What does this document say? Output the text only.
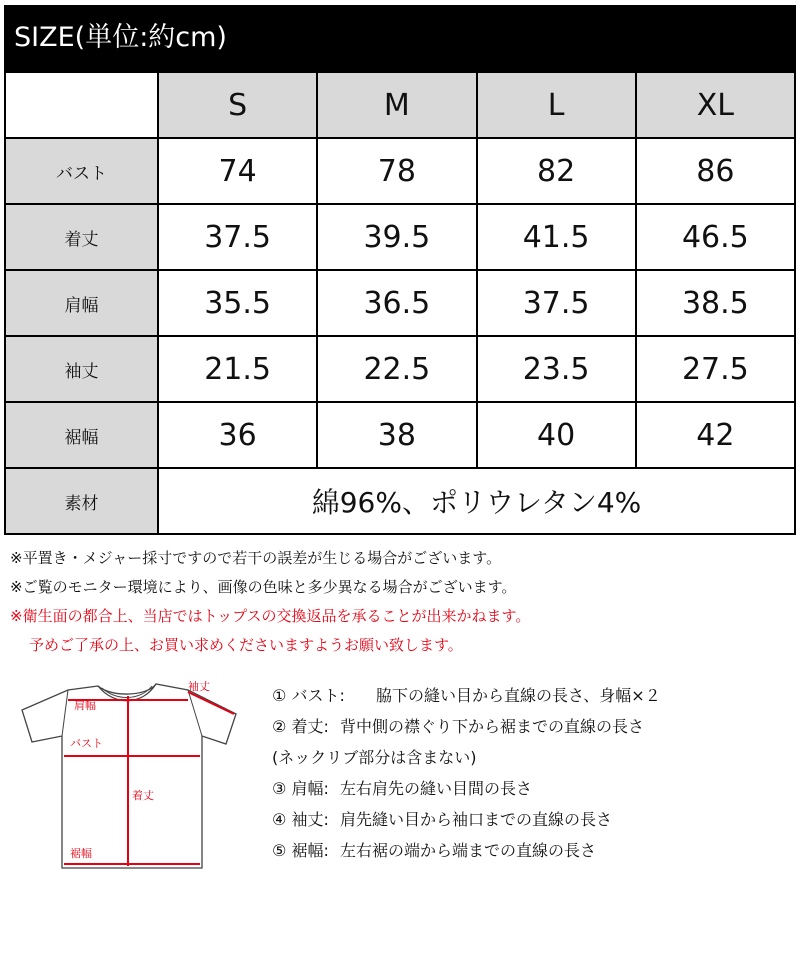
SIZE(単位:約cm)
	S	M	L	XL
バスト	74	78	82	86
着丈	37.5	39.5	41.5	46.5
肩幅	35.5	36.5	37.5	38.5
袖丈	21.5	22.5	23.5	27.5
裾幅	36	38	40	42
素材	綿96%、ポリウレタン4%			
※平置き・メジャー採寸ですので若干の誤差が生じる場合がございます。
※ご覧のモニター環境により、画像の色味と多少異なる場合がございます。
※衛生面の都合上、当店ではトップスの交換返品を承ることが出来かねます。
予めご了承の上、お買い求めくださいますようお願い致します。
袖丈
肩幅
バスト
着丈
裾幅
① バスト: 脇下の縫い目から直線の長さ、身幅×２
② 着丈: 背中側の襟ぐり下から裾までの直線の長さ
(ネックリブ部分は含まない)
③ 肩幅: 左右肩先の縫い目間の長さ
④ 袖丈: 肩先縫い目から袖口までの直線の長さ
⑤ 裾幅: 左右裾の端から端までの直線の長さ
